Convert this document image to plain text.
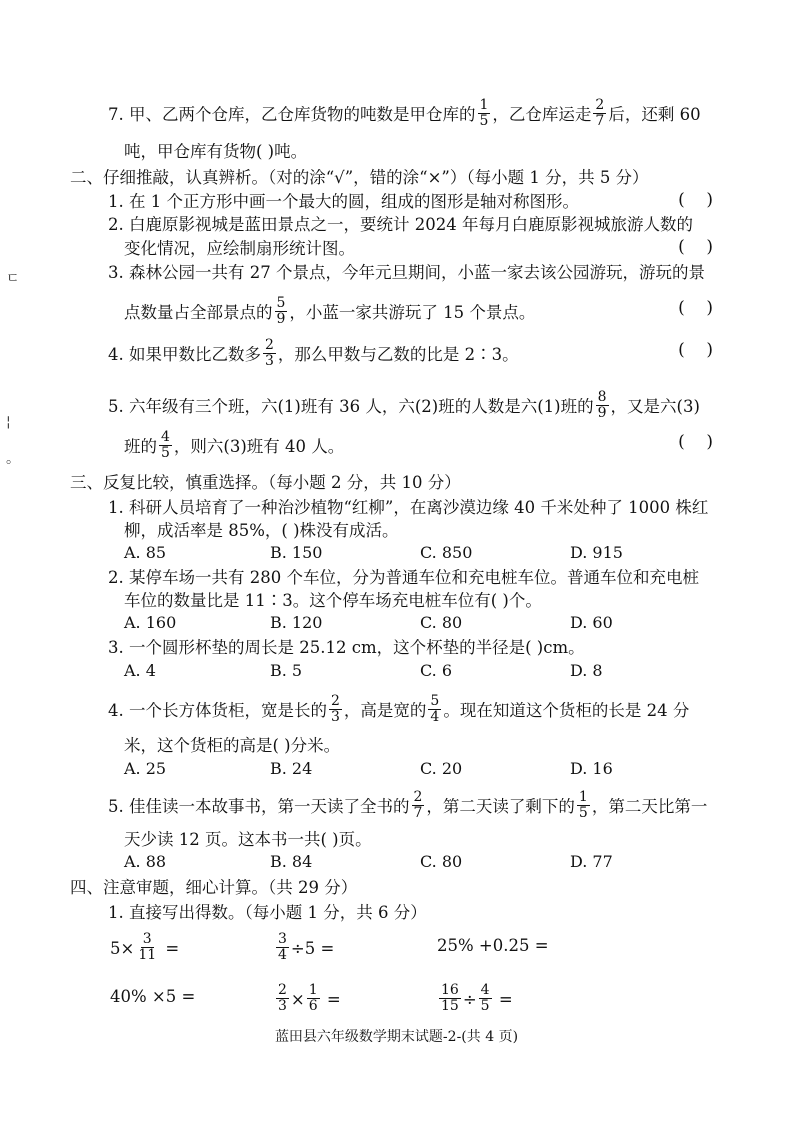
7. 甲、乙两个仓库，乙仓库货物的吨数是甲仓库的 $\frac{1}{5}$ ，乙仓库运走 $\frac{2}{7}$ 后，还剩 60
吨，甲仓库有货物( )吨。
二、仔细推敲，认真辨析。（对的涂“√”，错的涂“×”）（每小题 1 分，共 5 分）
1. 在 1 个正方形中画一个最大的圆，组成的图形是轴对称图形。	(    )
2. 白鹿原影视城是蓝田景点之一，要统计 2024 年每月白鹿原影视城旅游人数的
变化情况，应绘制扇形统计图。	(    )
3. 森林公园一共有 27 个景点，今年元旦期间，小蓝一家去该公园游玩，游玩的景
点数量占全部景点的 $\frac{5}{9}$ ，小蓝一家共游玩了 15 个景点。	(    )
4. 如果甲数比乙数多 $\frac{2}{3}$ ，那么甲数与乙数的比是 2∶3。	(    )
5. 六年级有三个班，六(1)班有 36 人，六(2)班的人数是六(1)班的 $\frac{8}{9}$ ，又是六(3)
班的 $\frac{4}{5}$ ，则六(3)班有 40 人。	(    )
三、反复比较，慎重选择。（每小题 2 分，共 10 分）
1. 科研人员培育了一种治沙植物“红柳”，在离沙漠边缘 40 千米处种了 1000 株红
柳，成活率是 85%，( )株没有成活。
A. 85	B. 150	C. 850	D. 915
2. 某停车场一共有 280 个车位，分为普通车位和充电桩车位。普通车位和充电桩
车位的数量比是 11∶3。这个停车场充电桩车位有( )个。
A. 160	B. 120	C. 80	D. 60
3. 一个圆形杯垫的周长是 25.12 cm，这个杯垫的半径是( )cm。
A. 4	B. 5	C. 6	D. 8
4. 一个长方体货柜，宽是长的 $\frac{2}{3}$ ，高是宽的 $\frac{5}{4}$ 。现在知道这个货柜的长是 24 分
米，这个货柜的高是( )分米。
A. 25	B. 24	C. 20	D. 16
5. 佳佳读一本故事书，第一天读了全书的 $\frac{2}{7}$ ，第二天读了剩下的 $\frac{1}{5}$ ，第二天比第一
天少读 12 页。这本书一共( )页。
A. 88	B. 84	C. 80	D. 77
四、注意审题，细心计算。（共 29 分）
1. 直接写出得数。（每小题 1 分，共 6 分）
$5\times \frac{3}{11}$ =	$\frac{3}{4} \div 5$ =	25% +0.25 =
40% ×5 =	$\frac{2}{3} \times \frac{1}{6}$ =	$\frac{16}{15} \div \frac{4}{5}$ =
蓝田县六年级数学期末试题-2-(共 4 页)
ㄷ
¦
。
